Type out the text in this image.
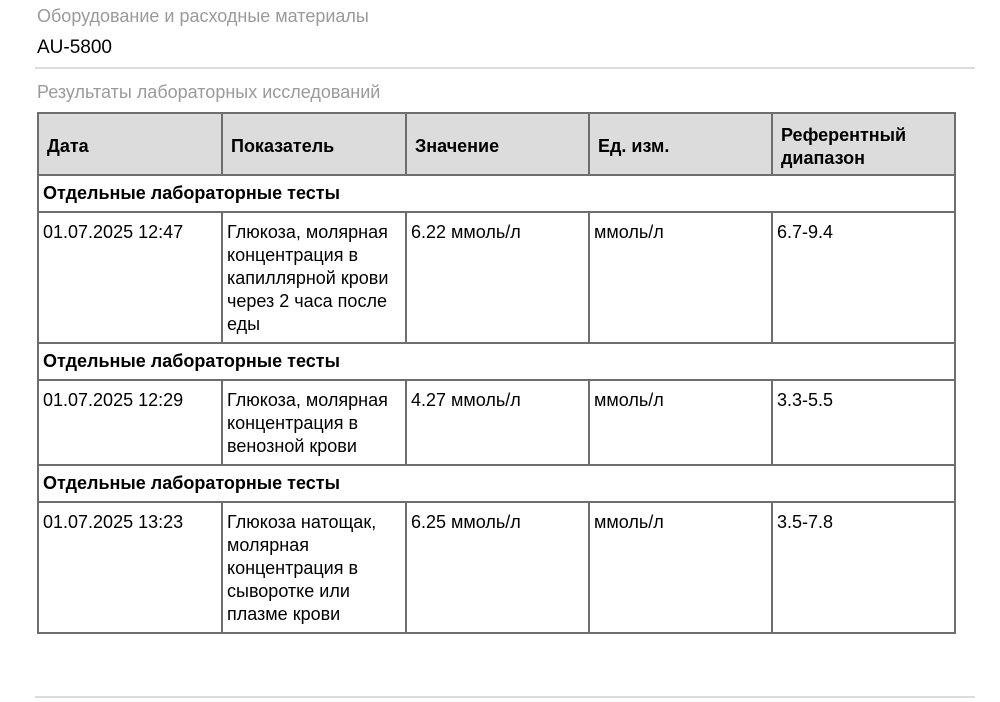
Оборудование и расходные материалы
AU-5800
Результаты лабораторных исследований
Дата	Показатель	Значение	Ед. изм.	Референтный диапазон
Отдельные лабораторные тесты				
01.07.2025 12:47	Глюкоза, молярная концентрация в капиллярной крови через 2 часа после еды	6.22 ммоль/л	ммоль/л	6.7-9.4
Отдельные лабораторные тесты				
01.07.2025 12:29	Глюкоза, молярная концентрация в венозной крови	4.27 ммоль/л	ммоль/л	3.3-5.5
Отдельные лабораторные тесты				
01.07.2025 13:23	Глюкоза натощак, молярная концентрация в сыворотке или плазме крови	6.25 ммоль/л	ммоль/л	3.5-7.8
